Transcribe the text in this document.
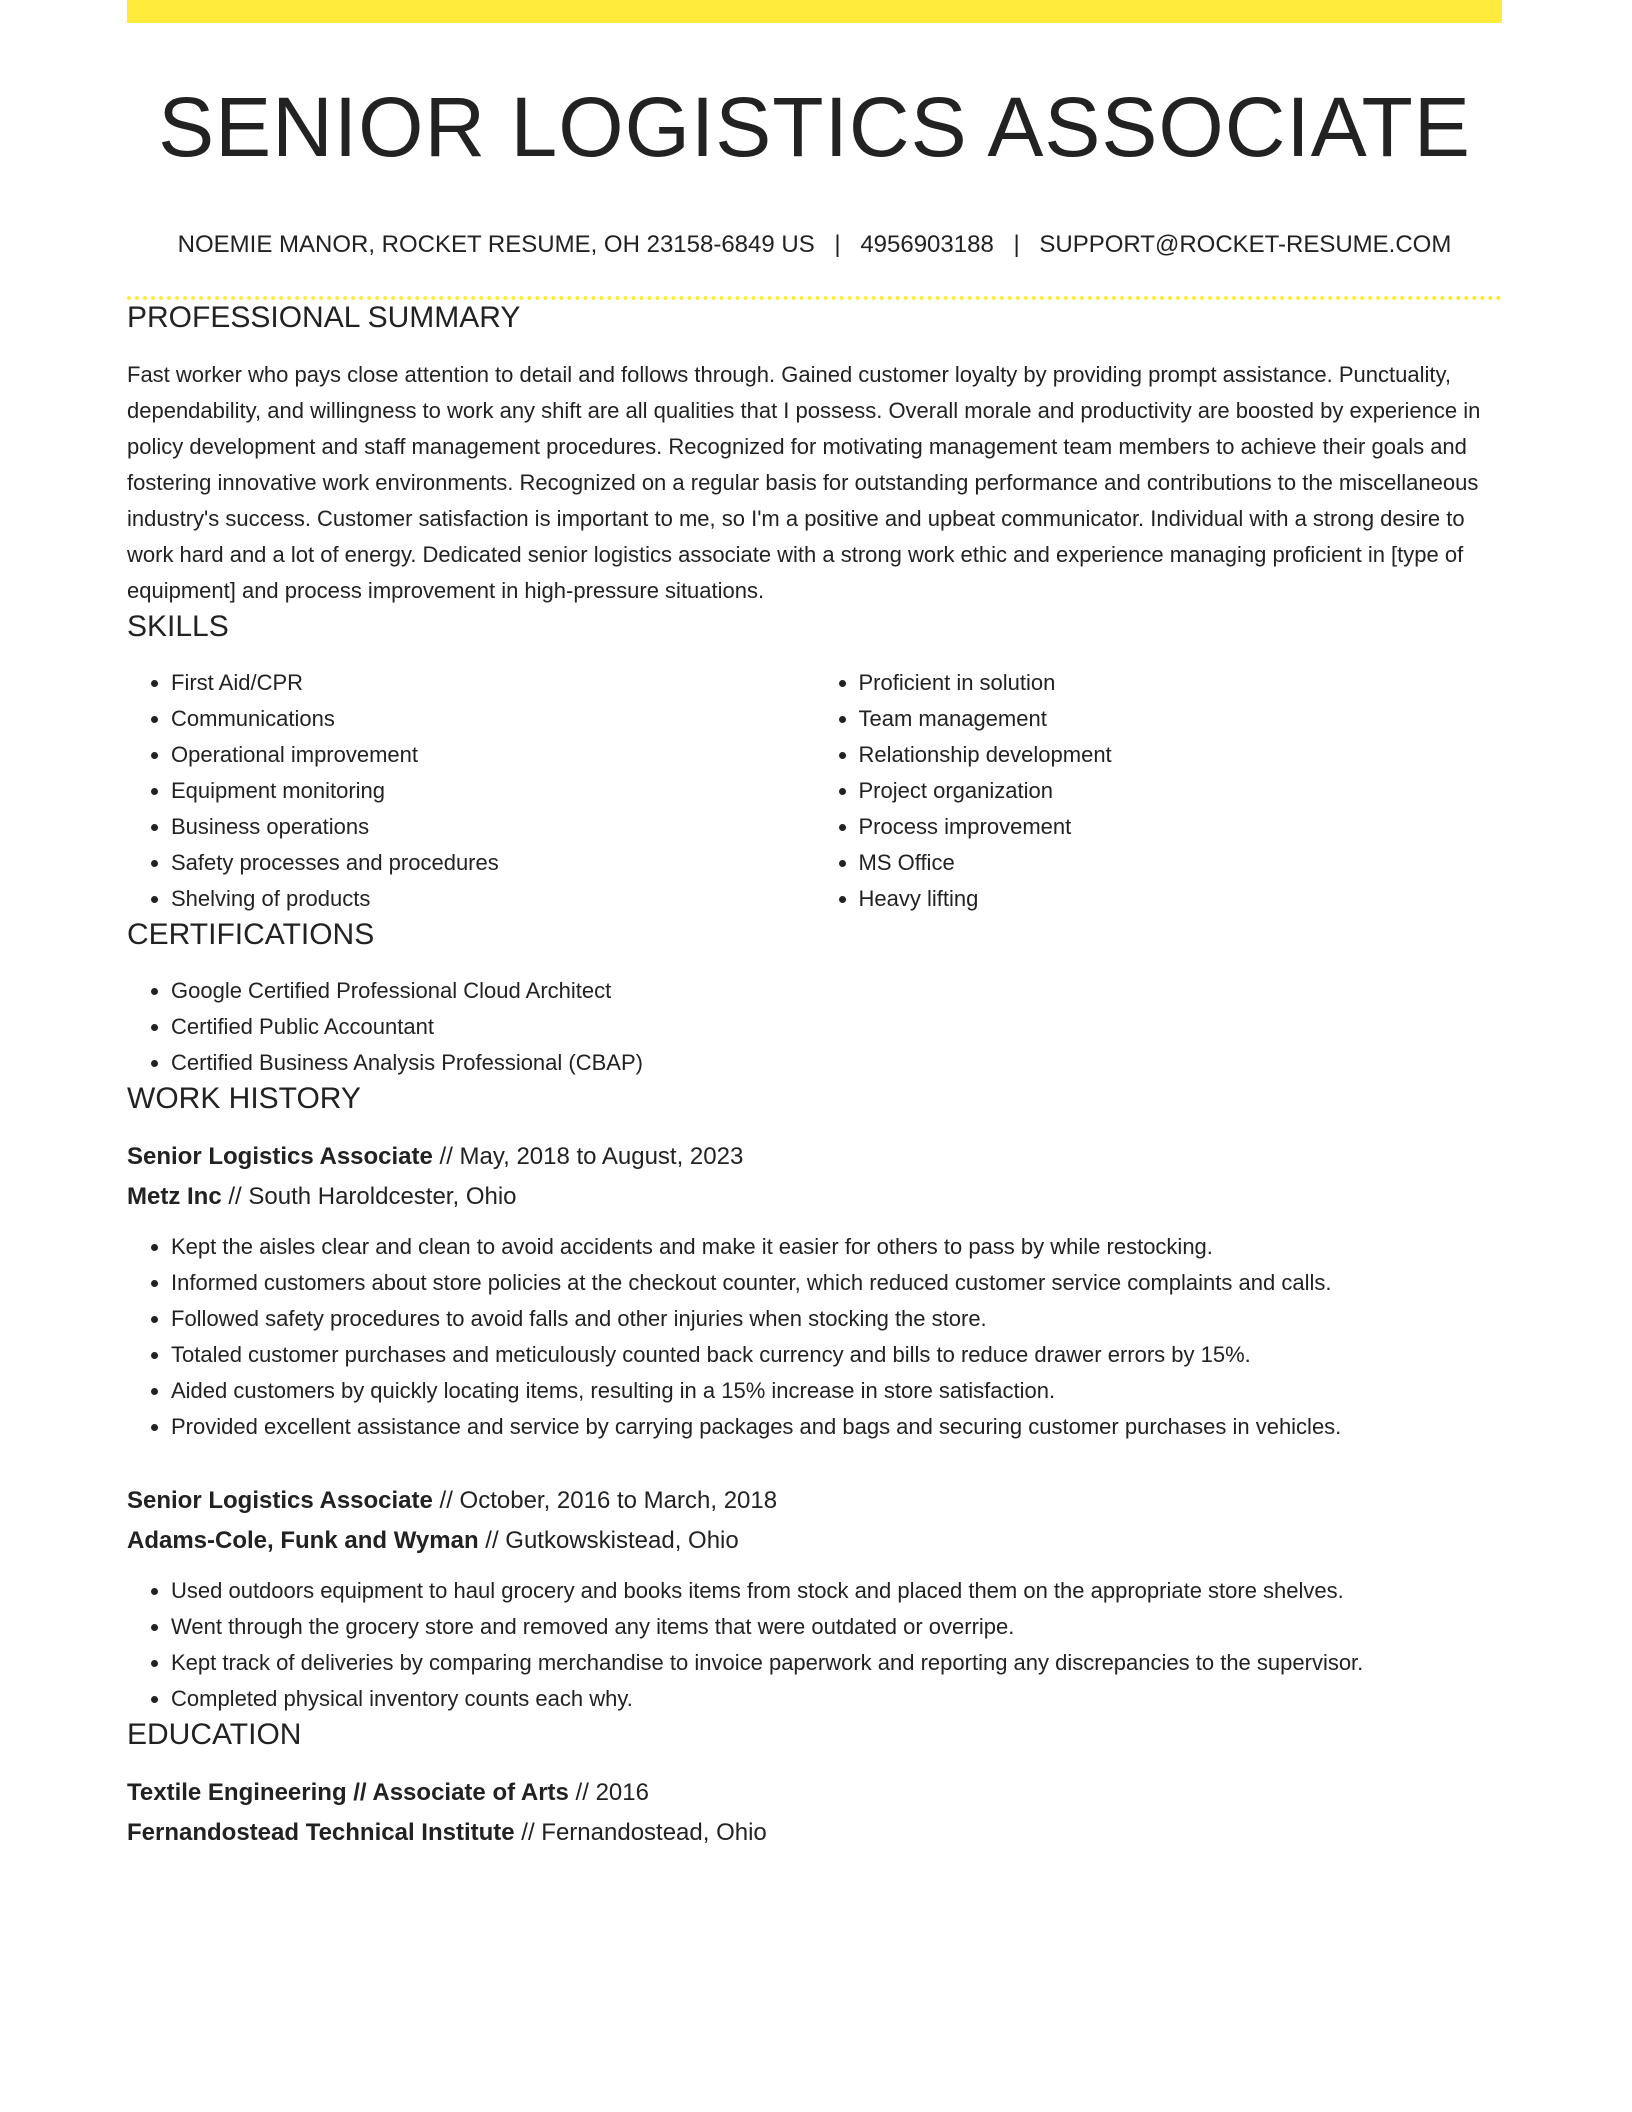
SENIOR LOGISTICS ASSOCIATE
NOEMIE MANOR, ROCKET RESUME, OH 23158-6849 US | 4956903188 | SUPPORT@ROCKET-RESUME.COM
PROFESSIONAL SUMMARY

Fast worker who pays close attention to detail and follows through. Gained customer loyalty by providing prompt assistance. Punctuality, dependability, and willingness to work any shift are all qualities that I possess. Overall morale and productivity are boosted by experience in policy development and staff management procedures. Recognized for motivating management team members to achieve their goals and fostering innovative work environments. Recognized on a regular basis for outstanding performance and contributions to the miscellaneous industry's success. Customer satisfaction is important to me, so I'm a positive and upbeat communicator. Individual with a strong desire to work hard and a lot of energy. Dedicated senior logistics associate with a strong work ethic and experience managing proficient in [type of equipment] and process improvement in high-pressure situations.

SKILLS
• First Aid/CPR
• Communications
• Operational improvement
• Equipment monitoring
• Business operations
• Safety processes and procedures
• Shelving of products
• Proficient in solution
• Team management
• Relationship development
• Project organization
• Process improvement
• MS Office
• Heavy lifting
CERTIFICATIONS
• Google Certified Professional Cloud Architect
• Certified Public Accountant
• Certified Business Analysis Professional (CBAP)
WORK HISTORY
Senior Logistics Associate // May, 2018 to August, 2023
Metz Inc // South Haroldcester, Ohio
• Kept the aisles clear and clean to avoid accidents and make it easier for others to pass by while restocking.
• Informed customers about store policies at the checkout counter, which reduced customer service complaints and calls.
• Followed safety procedures to avoid falls and other injuries when stocking the store.
• Totaled customer purchases and meticulously counted back currency and bills to reduce drawer errors by 15%.
• Aided customers by quickly locating items, resulting in a 15% increase in store satisfaction.
• Provided excellent assistance and service by carrying packages and bags and securing customer purchases in vehicles.
Senior Logistics Associate // October, 2016 to March, 2018
Adams-Cole, Funk and Wyman // Gutkowskistead, Ohio
• Used outdoors equipment to haul grocery and books items from stock and placed them on the appropriate store shelves.
• Went through the grocery store and removed any items that were outdated or overripe.
• Kept track of deliveries by comparing merchandise to invoice paperwork and reporting any discrepancies to the supervisor.
• Completed physical inventory counts each why.
EDUCATION
Textile Engineering // Associate of Arts // 2016
Fernandostead Technical Institute // Fernandostead, Ohio
